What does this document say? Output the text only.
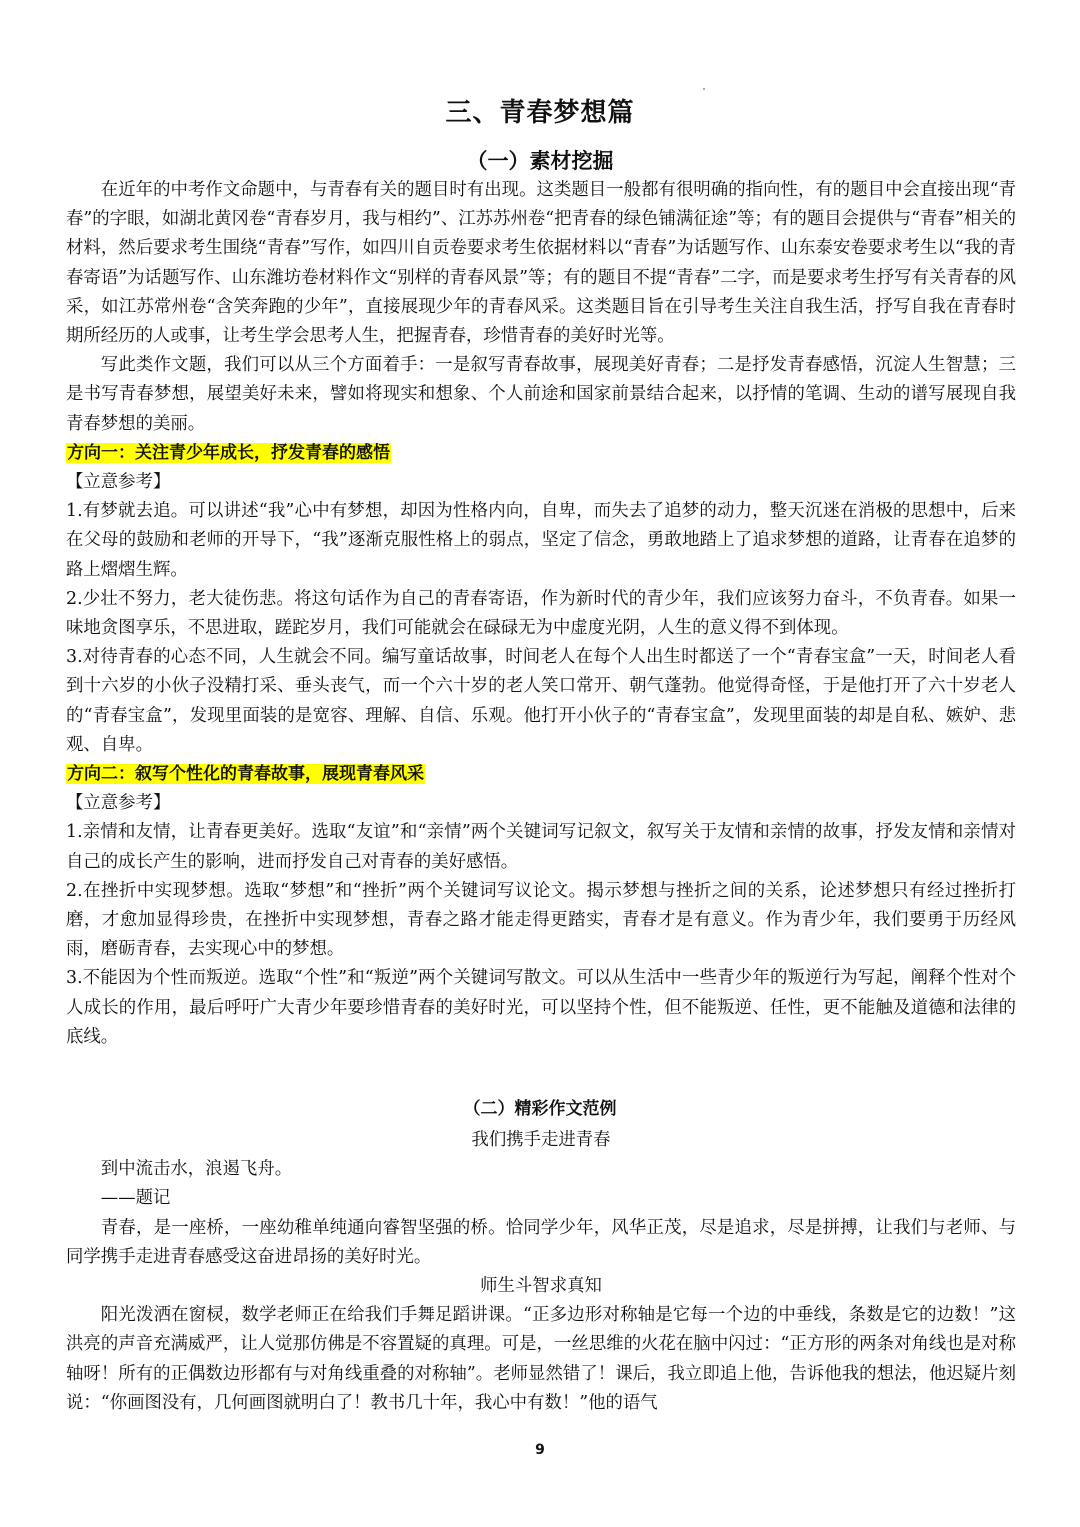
三、青春梦想篇
（一）素材挖掘

在近年的中考作文命题中，与青春有关的题目时有出现。这类题目一般都有很明确的指向性，有的题目中会直接出现“青春”的字眼，如湖北黄冈卷“青春岁月，我与相约”、江苏苏州卷“把青春的绿色铺满征途”等；有的题目会提供与“青春”相关的材料，然后要求考生围绕“青春”写作，如四川自贡卷要求考生依据材料以“青春”为话题写作、山东泰安卷要求考生以“我的青春寄语”为话题写作、山东潍坊卷材料作文“别样的青春风景”等；有的题目不提“青春”二字，而是要求考生抒写有关青春的风采，如江苏常州卷“含笑奔跑的少年”，直接展现少年的青春风采。这类题目旨在引导考生关注自我生活，抒写自我在青春时期所经历的人或事，让考生学会思考人生，把握青春，珍惜青春的美好时光等。

写此类作文题，我们可以从三个方面着手：一是叙写青春故事，展现美好青春；二是抒发青春感悟，沉淀人生智慧；三是书写青春梦想，展望美好未来，譬如将现实和想象、个人前途和国家前景结合起来，以抒情的笔调、生动的谱写展现自我青春梦想的美丽。

方向一：关注青少年成长，抒发青春的感悟

【立意参考】

1.有梦就去追。可以讲述“我”心中有梦想，却因为性格内向，自卑，而失去了追梦的动力，整天沉迷在消极的思想中，后来在父母的鼓励和老师的开导下，“我”逐渐克服性格上的弱点，坚定了信念，勇敢地踏上了追求梦想的道路，让青春在追梦的路上熠熠生辉。

2.少壮不努力，老大徒伤悲。将这句话作为自己的青春寄语，作为新时代的青少年，我们应该努力奋斗，不负青春。如果一味地贪图享乐，不思进取，蹉跎岁月，我们可能就会在碌碌无为中虚度光阴，人生的意义得不到体现。

3.对待青春的心态不同，人生就会不同。编写童话故事，时间老人在每个人出生时都送了一个“青春宝盒”一天，时间老人看到十六岁的小伙子没精打采、垂头丧气，而一个六十岁的老人笑口常开、朝气蓬勃。他觉得奇怪，于是他打开了六十岁老人的“青春宝盒”，发现里面装的是宽容、理解、自信、乐观。他打开小伙子的“青春宝盒”，发现里面装的却是自私、嫉妒、悲观、自卑。

方向二：叙写个性化的青春故事，展现青春风采

【立意参考】

1.亲情和友情，让青春更美好。选取“友谊”和“亲情”两个关键词写记叙文，叙写关于友情和亲情的故事，抒发友情和亲情对自己的成长产生的影响，进而抒发自己对青春的美好感悟。

2.在挫折中实现梦想。选取“梦想”和“挫折”两个关键词写议论文。揭示梦想与挫折之间的关系，论述梦想只有经过挫折打磨，才愈加显得珍贵，在挫折中实现梦想，青春之路才能走得更踏实，青春才是有意义。作为青少年，我们要勇于历经风雨，磨砺青春，去实现心中的梦想。

3.不能因为个性而叛逆。选取“个性”和“叛逆”两个关键词写散文。可以从生活中一些青少年的叛逆行为写起，阐释个性对个人成长的作用，最后呼吁广大青少年要珍惜青春的美好时光，可以坚持个性，但不能叛逆、任性，更不能触及道德和法律的底线。

（二）精彩作文范例

我们携手走进青春

到中流击水，浪遏飞舟。

——题记

青春，是一座桥，一座幼稚单纯通向睿智坚强的桥。恰同学少年，风华正茂，尽是追求，尽是拼搏，让我们与老师、与同学携手走进青春感受这奋进昂扬的美好时光。

师生斗智求真知

阳光泼洒在窗棂，数学老师正在给我们手舞足蹈讲课。“正多边形对称轴是它每一个边的中垂线，条数是它的边数！”这洪亮的声音充满威严，让人觉那仿佛是不容置疑的真理。可是，一丝思维的火花在脑中闪过：“正方形的两条对角线也是对称轴呀！所有的正偶数边形都有与对角线重叠的对称轴”。老师显然错了！课后，我立即追上他，告诉他我的想法，他迟疑片刻说：“你画图没有，几何画图就明白了！教书几十年，我心中有数！”他的语气

9
